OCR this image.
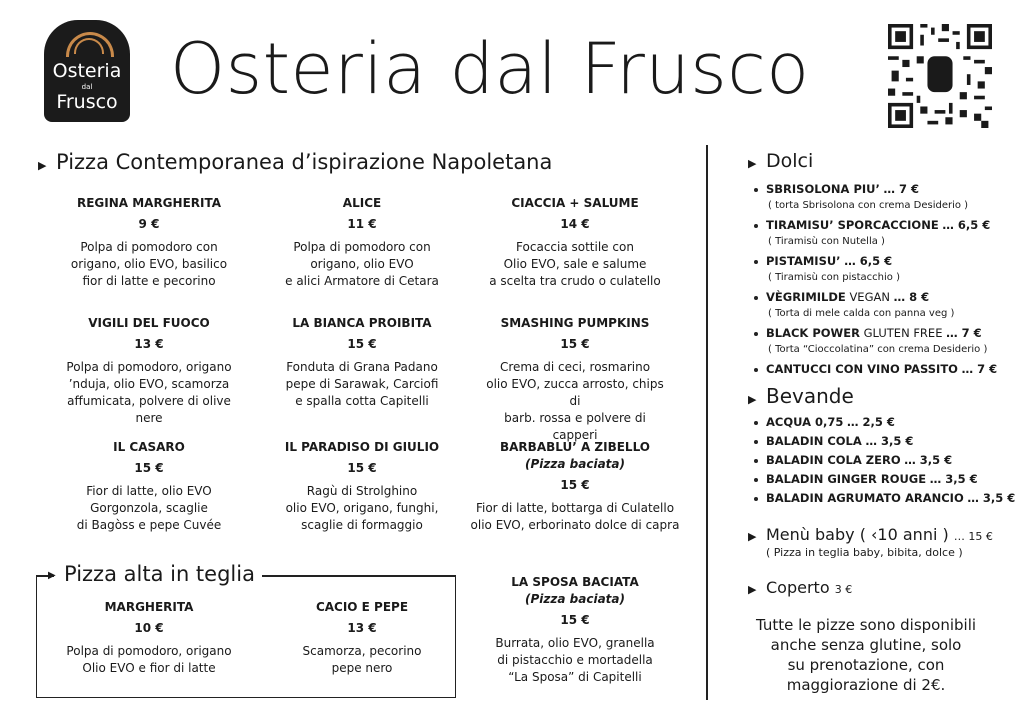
Osteria
dal
Frusco Osteria dal Frusco
▶ Pizza Contemporanea d’ispirazione Napoletana
REGINA MARGHERITA
9 €
Polpa di pomodoro con
origano, olio EVO, basilico
fior di latte e pecorino
ALICE
11 €
Polpa di pomodoro con
origano, olio EVO
e alici Armatore di Cetara
CIACCIA + SALUME
14 €
Focaccia sottile con
Olio EVO, sale e salume
a scelta tra crudo o culatello
VIGILI DEL FUOCO
13 €
Polpa di pomodoro, origano
’nduja, olio EVO, scamorza
affumicata, polvere di olive nere
LA BIANCA PROIBITA
15 €
Fonduta di Grana Padano
pepe di Sarawak, Carciofi
e spalla cotta Capitelli
SMASHING PUMPKINS
15 €
Crema di ceci, rosmarino
olio EVO, zucca arrosto, chips di
barb. rossa e polvere di capperi
IL CASARO
15 €
Fior di latte, olio EVO
Gorgonzola, scaglie
di Bagòss e pepe Cuvée
IL PARADISO DI GIULIO
15 €
Ragù di Strolghino
olio EVO, origano, funghi,
scaglie di formaggio
BARBABLU’ A ZIBELLO
(Pizza baciata)
15 €
Fior di latte, bottarga di Culatello
olio EVO, erborinato dolce di capra
LA SPOSA BACIATA
(Pizza baciata)
15 €
Burrata, olio EVO, granella
di pistacchio e mortadella
“La Sposa” di Capitelli
▶ Pizza alta in teglia
MARGHERITA
10 €
Polpa di pomodoro, origano
Olio EVO e fior di latte
CACIO E PEPE
13 €
Scamorza, pecorino
pepe nero
▶ Dolci
SBRISOLONA PIU’ … 7 €
( torta Sbrisolona con crema Desiderio )
TIRAMISU’ SPORCACCIONE … 6,5 €
( Tiramisù con Nutella )
PISTAMISU’ … 6,5 €
( Tiramisù con pistacchio )
VÈGRIMILDE VEGAN … 8 €
( Torta di mele calda con panna veg )
BLACK POWER GLUTEN FREE … 7 €
( Torta “Cioccolatina” con crema Desiderio )
CANTUCCI CON VINO PASSITO … 7 €
▶ Bevande
ACQUA 0,75 … 2,5 €
BALADIN COLA … 3,5 €
BALADIN COLA ZERO … 3,5 €
BALADIN GINGER ROUGE … 3,5 €
BALADIN AGRUMATO ARANCIO … 3,5 €
▶ Menù baby ( ‹10 anni ) … 15 €
( Pizza in teglia baby, bibita, dolce )
▶ Coperto 3 €
Tutte le pizze sono disponibili
anche senza glutine, solo
su prenotazione, con
maggiorazione di 2€.
